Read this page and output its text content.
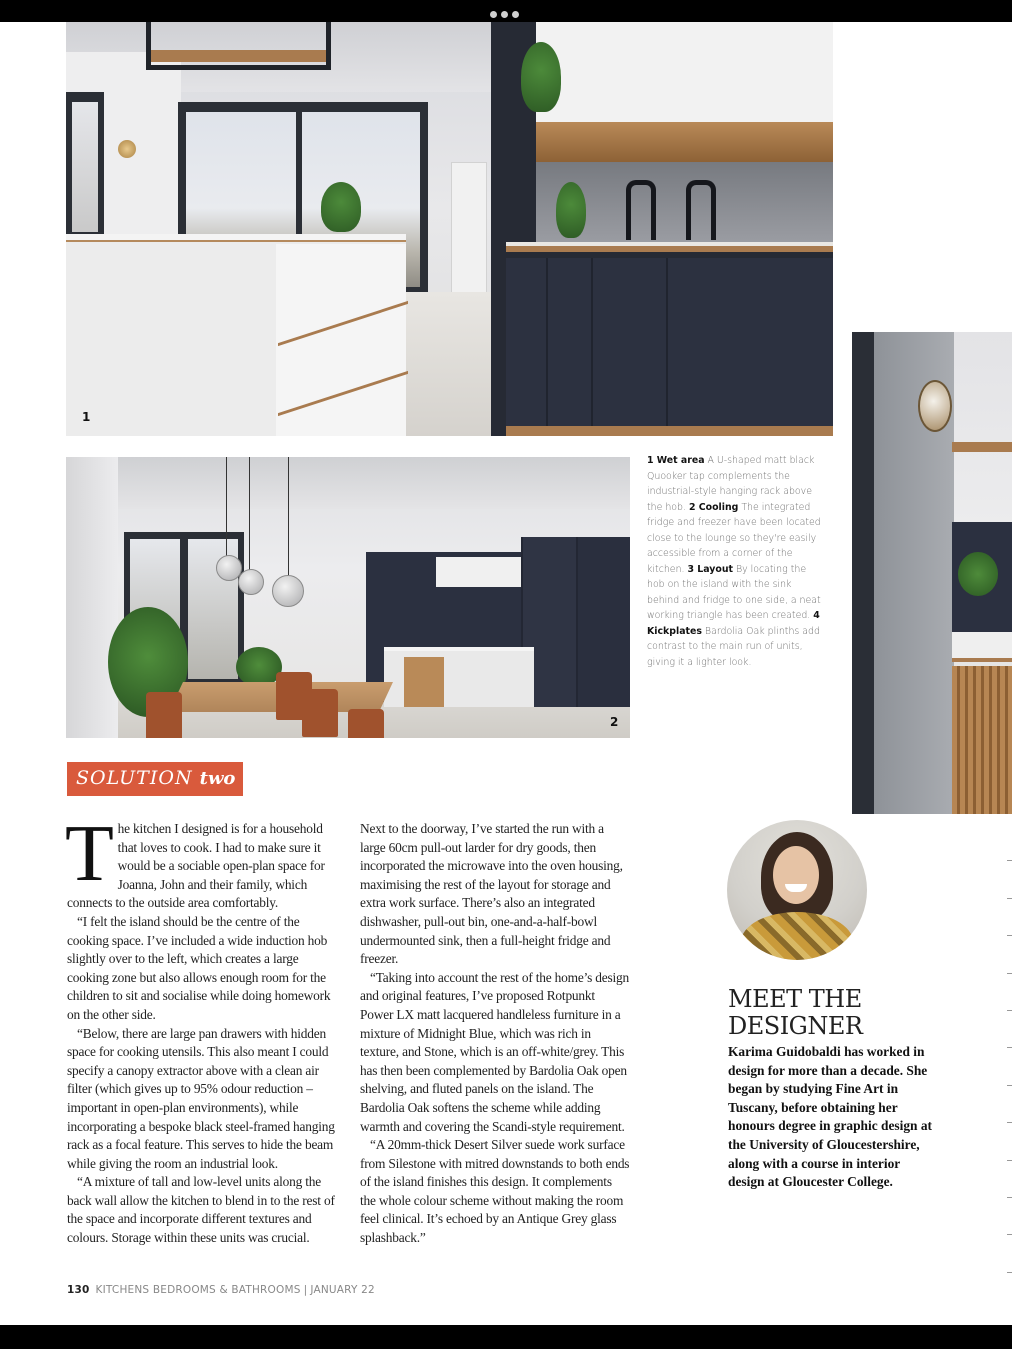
1
2
1 Wet area A U-shaped matt black Quooker tap complements the industrial-style hanging rack above the hob. 2 Cooling The integrated fridge and freezer have been located close to the lounge so they're easily accessible from a corner of the kitchen. 3 Layout By locating the hob on the island with the sink behind and fridge to one side, a neat working triangle has been created. 4 Kickplates Bardolia Oak plinths add contrast to the main run of units, giving it a lighter look.
SOLUTION two

The kitchen I designed is for a household that loves to cook. I had to make sure it would be a sociable open-plan space for Joanna, John and their family, which connects to the outside area comfortably.

“I felt the island should be the centre of the cooking space. I’ve included a wide induction hob slightly over to the left, which creates a large cooking zone but also allows enough room for the children to sit and socialise while doing homework on the other side.

“Below, there are large pan drawers with hidden space for cooking utensils. This also meant I could specify a canopy extractor above with a clean air filter (which gives up to 95% odour reduction – important in open-plan environments), while incorporating a bespoke black steel-framed hanging rack as a focal feature. This serves to hide the beam while giving the room an industrial look.

“A mixture of tall and low-level units along the back wall allow the kitchen to blend in to the rest of the space and incorporate different textures and colours. Storage within these units was crucial.

Next to the doorway, I’ve started the run with a large 60cm pull-out larder for dry goods, then incorporated the microwave into the oven housing, maximising the rest of the layout for storage and extra work surface. There’s also an integrated dishwasher, pull-out bin, one-and-a-half-bowl undermounted sink, then a full-height fridge and freezer.

“Taking into account the rest of the home’s design and original features, I’ve proposed Rotpunkt Power LX matt lacquered handleless furniture in a mixture of Midnight Blue, which was rich in texture, and Stone, which is an off-white/grey. This has then been complemented by Bardolia Oak open shelving, and fluted panels on the island. The Bardolia Oak softens the scheme while adding warmth and covering the Scandi-style requirement.

“A 20mm-thick Desert Silver suede work surface from Silestone with mitred downstands to both ends of the island finishes this design. It complements the whole colour scheme without making the room feel clinical. It’s echoed by an Antique Grey glass splashback.”

MEET THE
DESIGNER
Karima Guidobaldi has worked in design for more than a decade. She began by studying Fine Art in Tuscany, before obtaining her honours degree in graphic design at the University of Gloucestershire, along with a course in interior design at Gloucester College.
130 KITCHENS BEDROOMS & BATHROOMS | JANUARY 22
